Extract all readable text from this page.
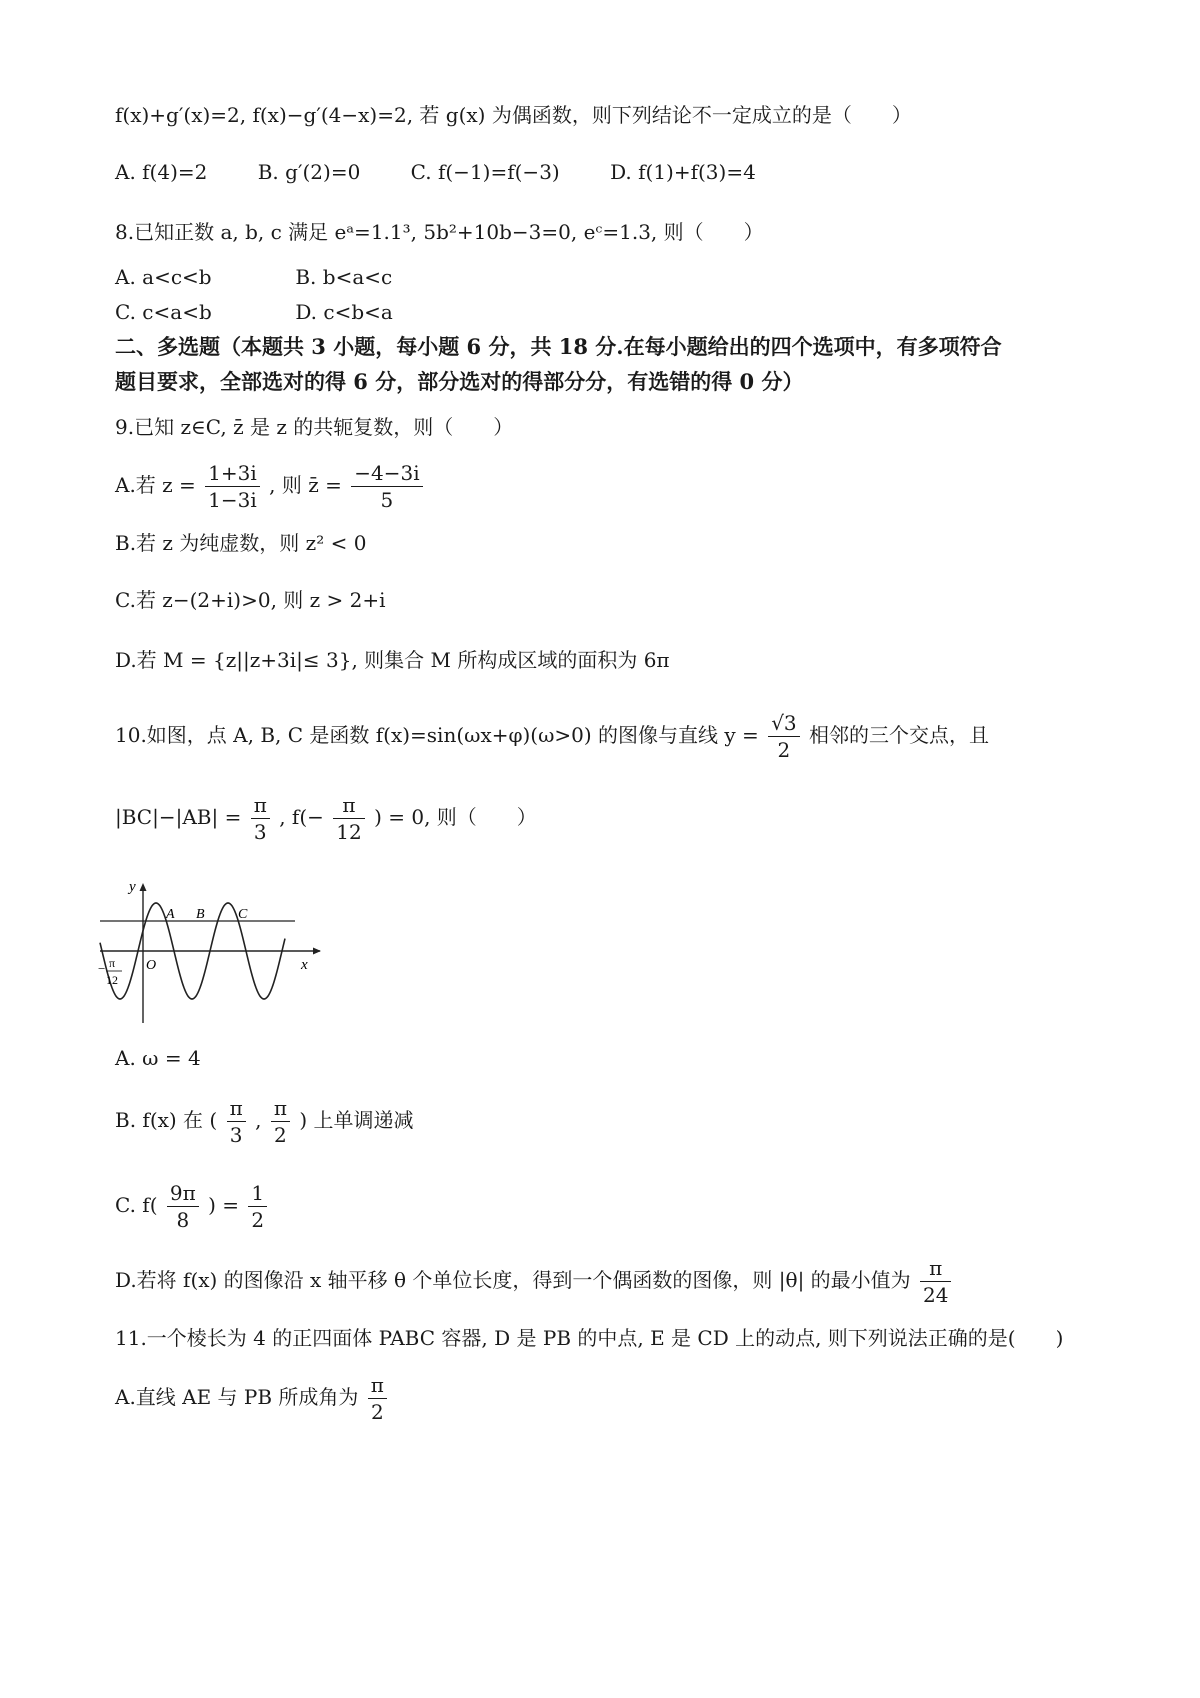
f(x)+g′(x)=2, f(x)−g′(4−x)=2, 若 g(x) 为偶函数，则下列结论不一定成立的是（　　）
A. f(4)=2	B. g′(2)=0	C. f(−1)=f(−3)	D. f(1)+f(3)=4
8.已知正数 a, b, c 满足 eᵃ=1.1³, 5b²+10b−3=0, eᶜ=1.3, 则（　　）
A. a<c<b	B. b<a<c
C. c<a<b	D. c<b<a
二、多选题（本题共 3 小题，每小题 6 分，共 18 分.在每小题给出的四个选项中，有多项符合
题目要求，全部选对的得 6 分，部分选对的得部分分，有选错的得 0 分）
9.已知 z∈C, z̄ 是 z 的共轭复数，则（　　）
A.若 $z = \frac{1+3i}{1-3i}$ , 则 z̄ = $\frac{-4-3i}{5}$
B.若 z 为纯虚数，则 z² < 0
C.若 z−(2+i)>0, 则 z > 2+i
D.若 M = {z||z+3i|≤ 3}, 则集合 M 所构成区域的面积为 6π
10.如图，点 A, B, C 是函数 f(x)=sin(ωx+φ)(ω>0) 的图像与直线 $y = \frac{√3}{2}$ 相邻的三个交点，且
$|BC|-|AB| = \frac{\pi}{3}$ , $f(- \frac{\pi}{12}$ ) = 0, 则（　　）
y
x
O
A B C
− π
12
A. ω = 4
B. f(x) 在 ( $\frac{\pi}{3}$ , $\frac{\pi}{2}$ ) 上单调递减
C. $f( \frac{9\pi}{8}$ ) = $\frac{1}{2}$
D.若将 f(x) 的图像沿 x 轴平移 θ 个单位长度，得到一个偶函数的图像，则 |θ| 的最小值为 $\frac{\pi}{24}$
11.一个棱长为 4 的正四面体 PABC 容器, D 是 PB 的中点, E 是 CD 上的动点, 则下列说法正确的是(　　)
A.直线 AE 与 PB 所成角为 $\frac{\pi}{2}$
